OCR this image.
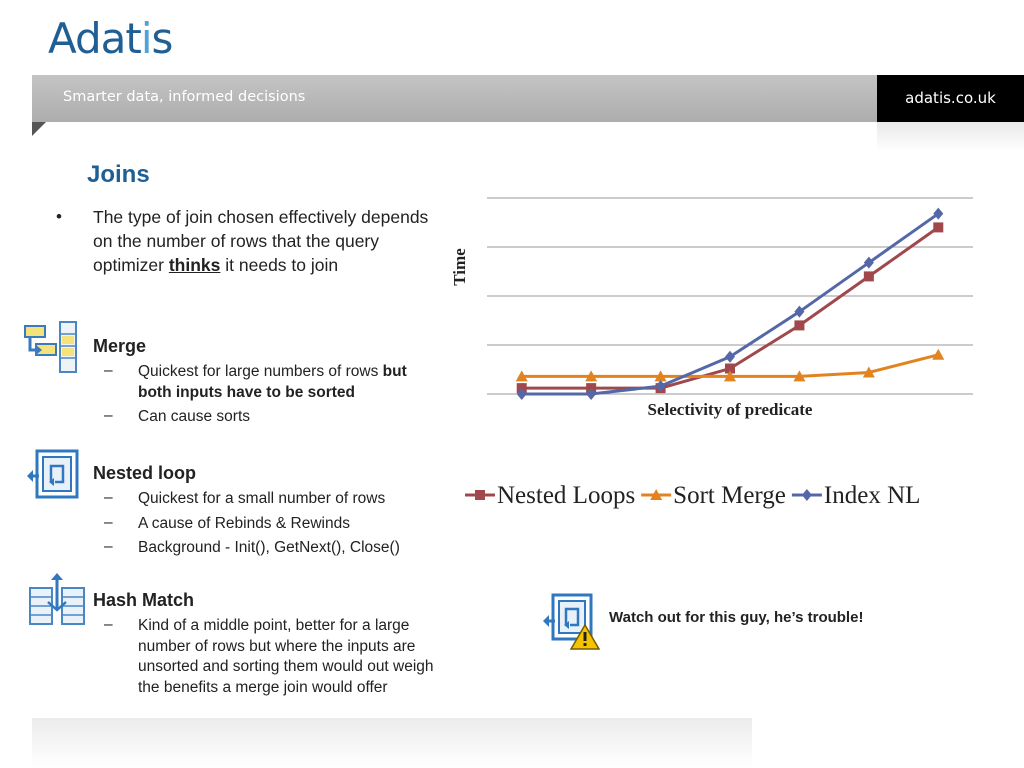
Adatis
Smarter data, informed decisions	adatis.co.uk
Joins
• The type of join chosen effectively depends on the number of rows that the query optimizer thinks it needs to join
Merge
– Quickest for large numbers of rows but both inputs have to be sorted
– Can cause sorts
Nested loop
– Quickest for a small number of rows
– A cause of Rebinds & Rewinds
– Background - Init(), GetNext(), Close()
Hash Match
– Kind of a middle point, better for a large number of rows but where the inputs are unsorted and sorting them would out weigh the benefits a merge join would offer
Time
Selectivity of predicate
Nested Loops Sort Merge Index NL
Watch out for this guy, he’s trouble!
